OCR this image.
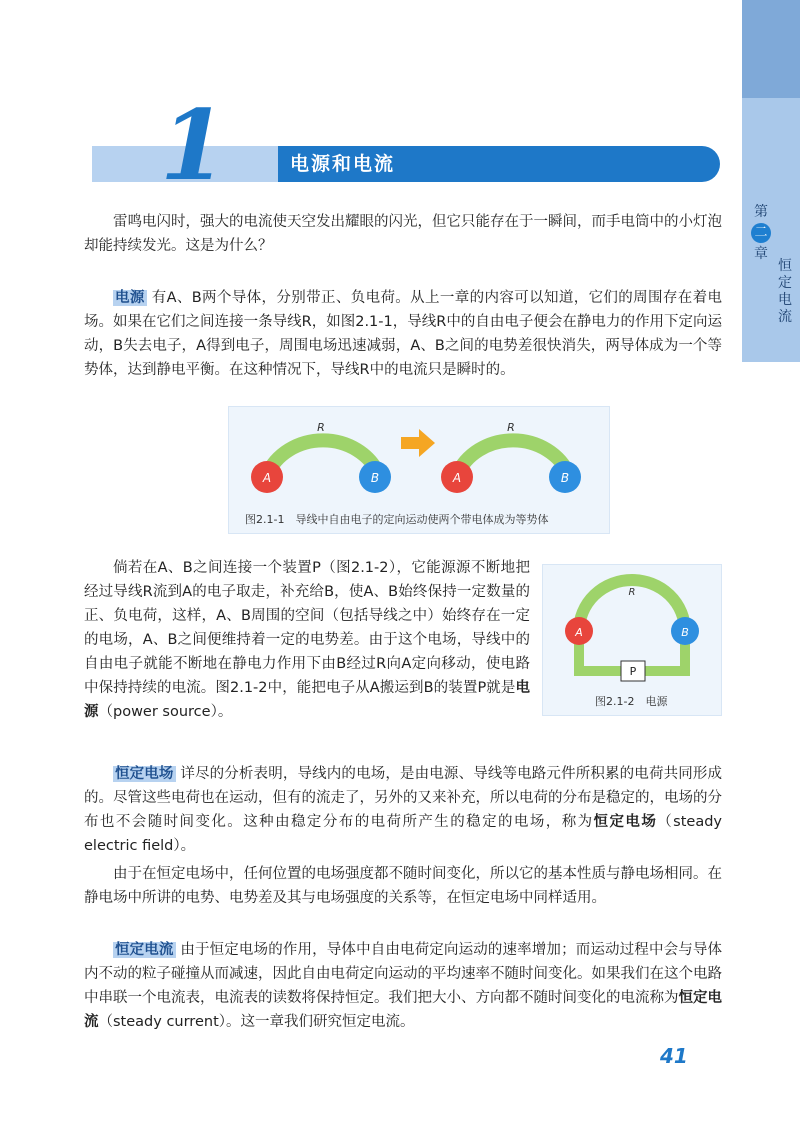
第
二
章
恒定电流
1	电源和电流
雷鸣电闪时，强大的电流使天空发出耀眼的闪光，但它只能存在于一瞬间，而手电筒中的小灯泡却能持续发光。这是为什么？
电源 有A、B两个导体，分别带正、负电荷。从上一章的内容可以知道，它们的周围存在着电场。如果在它们之间连接一条导线R，如图2.1-1，导线R中的自由电子便会在静电力的作用下定向运动，B失去电子，A得到电子，周围电场迅速减弱，A、B之间的电势差很快消失，两导体成为一个等势体，达到静电平衡。在这种情况下，导线R中的电流只是瞬时的。
A	B
R
A	B
R
图2.1-1　导线中自由电子的定向运动使两个带电体成为等势体
倘若在A、B之间连接一个装置P（图2.1-2），它能源源不断地把经过导线R流到A的电子取走，补充给B，使A、B始终保持一定数量的正、负电荷，这样，A、B周围的空间（包括导线之中）始终存在一定的电场，A、B之间便维持着一定的电势差。由于这个电场，导线中的自由电子就能不断地在静电力作用下由B经过R向A定向移动，使电路中保持持续的电流。图2.1-2中，能把电子从A搬运到B的装置P就是电源（power source）。
P
A	B
R
图2.1-2　电源
恒定电场 详尽的分析表明，导线内的电场，是由电源、导线等电路元件所积累的电荷共同形成的。尽管这些电荷也在运动，但有的流走了，另外的又来补充，所以电荷的分布是稳定的，电场的分布也不会随时间变化。这种由稳定分布的电荷所产生的稳定的电场，称为恒定电场（steady electric field）。
由于在恒定电场中，任何位置的电场强度都不随时间变化，所以它的基本性质与静电场相同。在静电场中所讲的电势、电势差及其与电场强度的关系等，在恒定电场中同样适用。
恒定电流 由于恒定电场的作用，导体中自由电荷定向运动的速率增加；而运动过程中会与导体内不动的粒子碰撞从而减速，因此自由电荷定向运动的平均速率不随时间变化。如果我们在这个电路中串联一个电流表，电流表的读数将保持恒定。我们把大小、方向都不随时间变化的电流称为恒定电流（steady current）。这一章我们研究恒定电流。
41
